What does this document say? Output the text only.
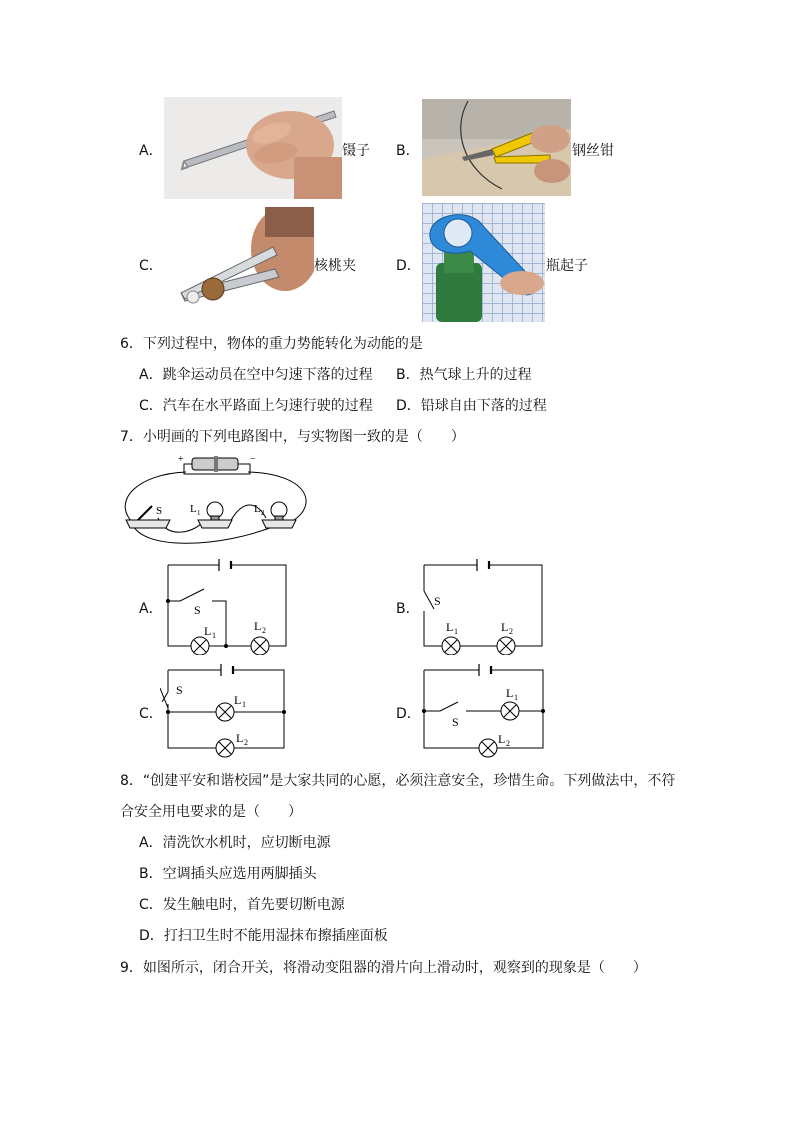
A．	镊子 B．	钢丝钳
C．	核桃夹	D．	瓶起子
6．下列过程中，物体的重力势能转化为动能的是
A．跳伞运动员在空中匀速下落的过程 B．热气球上升的过程
C．汽车在水平路面上匀速行驶的过程 D．铅球自由下落的过程
7．小明画的下列电路图中，与实物图一致的是（　　）
+	−
S	L 1	L 2
A．	S
L 1
L 2
B． S
L 1	L 2
C．
S
L 1
L 2
D．	S
L 1
L 2
8．“创建平安和谐校园”是大家共同的心愿，必须注意安全，珍惜生命。下列做法中，不符
合安全用电要求的是（　　）
A．清洗饮水机时，应切断电源
B．空调插头应选用两脚插头
C．发生触电时，首先要切断电源
D．打扫卫生时不能用湿抹布擦插座面板
9．如图所示，闭合开关，将滑动变阻器的滑片向上滑动时，观察到的现象是（　　）
